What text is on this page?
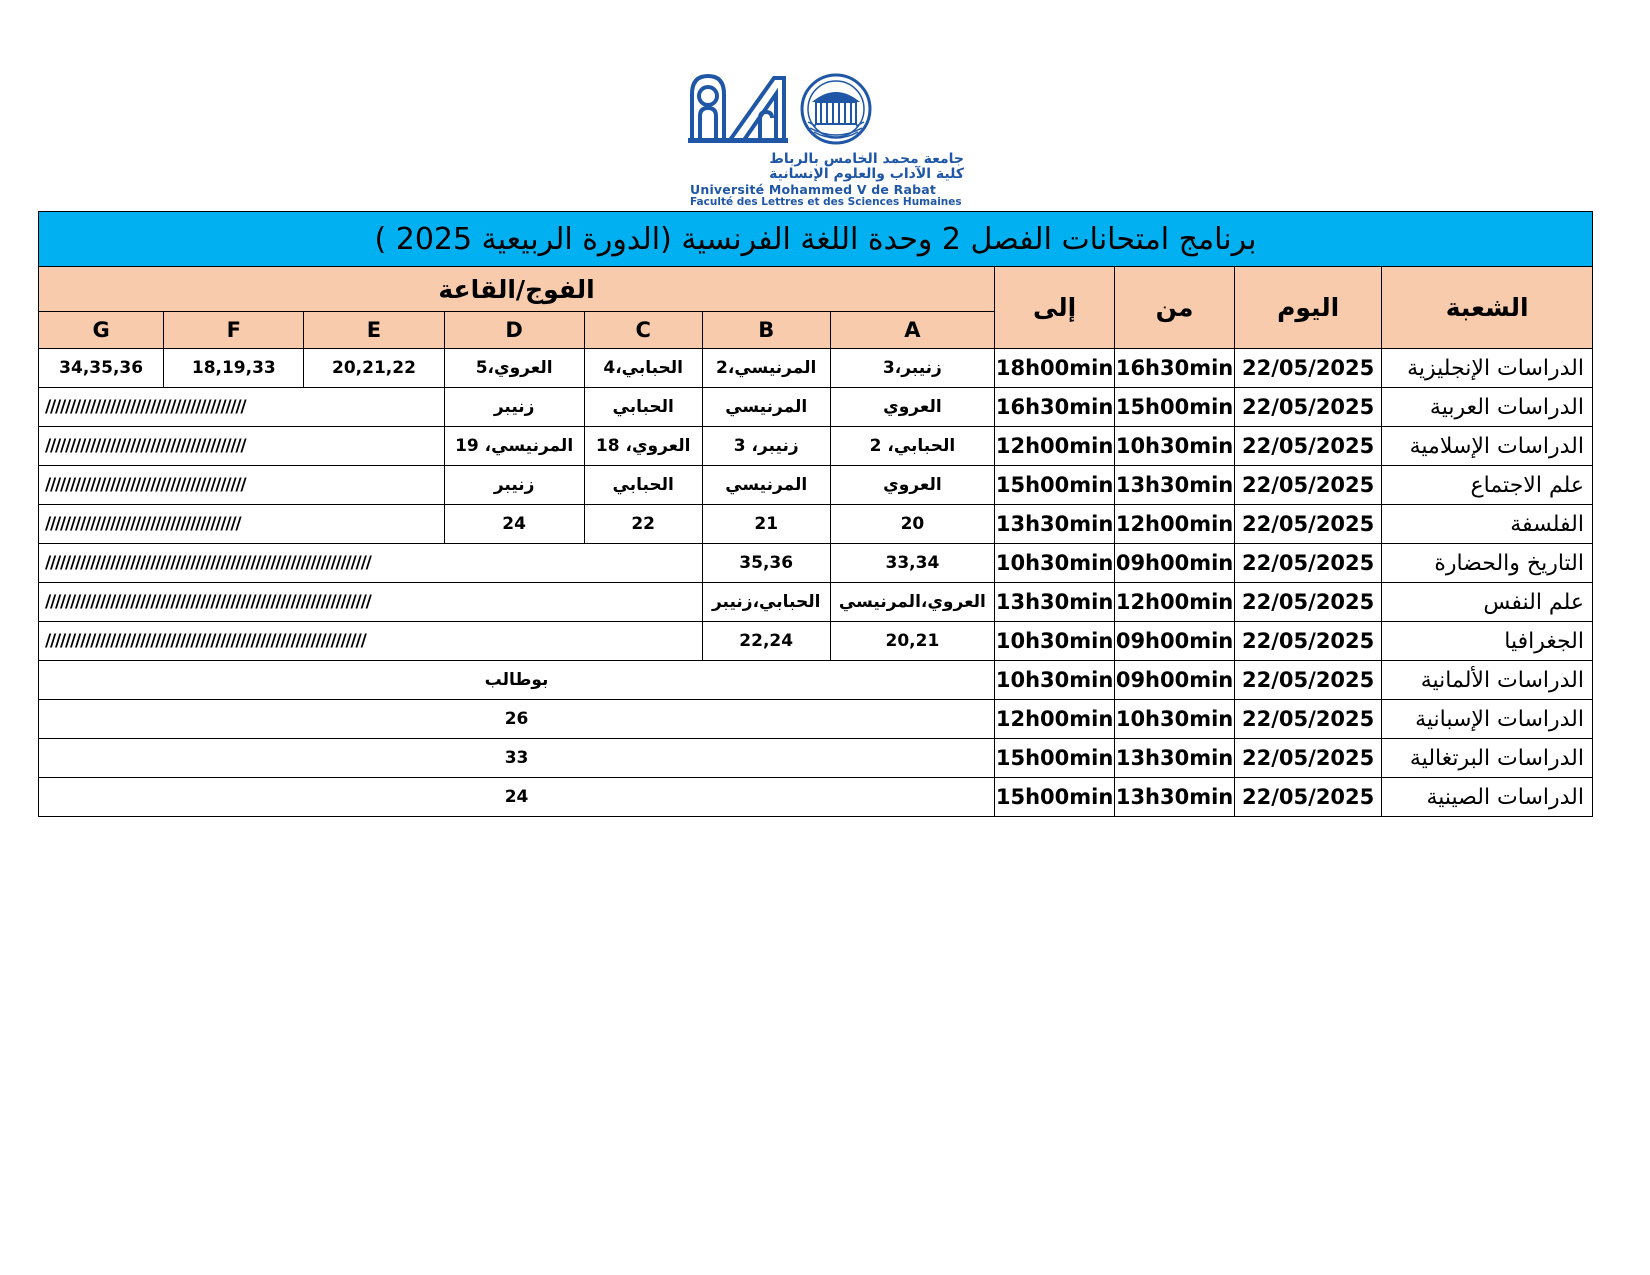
جامعة محمد الخامس بالرباط
كلية الآداب والعلوم الإنسانية
Université Mohammed V de Rabat
Faculté des Lettres et des Sciences Humaines
برنامج امتحانات الفصل 2 وحدة اللغة الفرنسية (الدورة الربيعية 2025 )										
الشعبة	اليوم	من	إلى	الفوج/القاعة						
				A	B	C	D	E	F	G
الدراسات الإنجليزية	22/05/2025	16h30min	18h00min	زنيبر،3	المرنيسي،2	الحبابي،4	العروي،5	20,21,22	18,19,33	34,35,36
الدراسات العربية	22/05/2025	15h00min	16h30min	العروي	المرنيسي	الحبابي	زنيبر	////////////////////////////////////////		
الدراسات الإسلامية	22/05/2025	10h30min	12h00min	الحبابي، 2	زنيبر، 3	العروي، 18	المرنيسي، 19	////////////////////////////////////////		
علم الاجتماع	22/05/2025	13h30min	15h00min	العروي	المرنيسي	الحبابي	زنيبر	////////////////////////////////////////		
الفلسفة	22/05/2025	12h00min	13h30min	20	21	22	24	///////////////////////////////////////		
التاريخ والحضارة	22/05/2025	09h00min	10h30min	33,34	35,36	/////////////////////////////////////////////////////////////////				
علم النفس	22/05/2025	12h00min	13h30min	العروي،المرنيسي	الحبابي،زنيبر	/////////////////////////////////////////////////////////////////				
الجغرافيا	22/05/2025	09h00min	10h30min	20,21	22,24	////////////////////////////////////////////////////////////////				
الدراسات الألمانية	22/05/2025	09h00min	10h30min	بوطالب						
الدراسات الإسبانية	22/05/2025	10h30min	12h00min	26						
الدراسات البرتغالية	22/05/2025	13h30min	15h00min	33						
الدراسات الصينية	22/05/2025	13h30min	15h00min	24						
